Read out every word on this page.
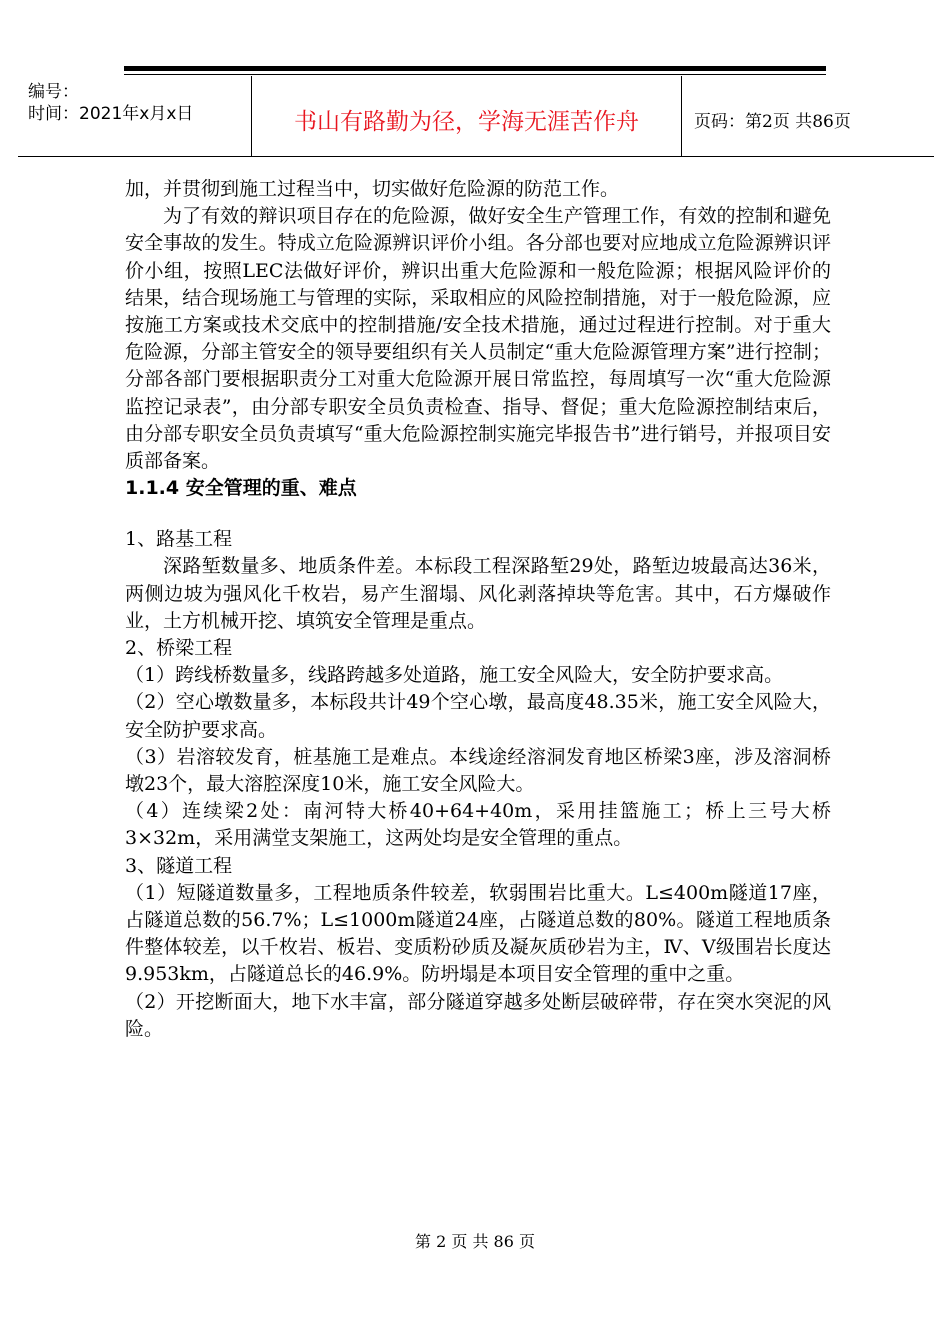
编号：
时间：2021年x月x日	书山有路勤为径，学海无涯苦作舟	页码：第2页 共86页

加，并贯彻到施工过程当中，切实做好危险源的防范工作。

为了有效的辩识项目存在的危险源，做好安全生产管理工作，有效的控制和避免安全事故的发生。特成立危险源辨识评价小组。各分部也要对应地成立危险源辨识评价小组，按照LEC法做好评价，辨识出重大危险源和一般危险源；根据风险评价的结果，结合现场施工与管理的实际，采取相应的风险控制措施，对于一般危险源，应按施工方案或技术交底中的控制措施/安全技术措施，通过过程进行控制。对于重大危险源，分部主管安全的领导要组织有关人员制定“重大危险源管理方案”进行控制；分部各部门要根据职责分工对重大危险源开展日常监控，每周填写一次“重大危险源监控记录表”，由分部专职安全员负责检查、指导、督促；重大危险源控制结束后，由分部专职安全员负责填写“重大危险源控制实施完毕报告书”进行销号，并报项目安质部备案。

1.1.4 安全管理的重、难点

1、路基工程

深路堑数量多、地质条件差。本标段工程深路堑29处，路堑边坡最高达36米，两侧边坡为强风化千枚岩，易产生溜塌、风化剥落掉块等危害。其中，石方爆破作业，土方机械开挖、填筑安全管理是重点。

2、桥梁工程

（1）跨线桥数量多，线路跨越多处道路，施工安全风险大，安全防护要求高。

（2）空心墩数量多，本标段共计49个空心墩，最高度48.35米，施工安全风险大，安全防护要求高。

（3）岩溶较发育，桩基施工是难点。本线途经溶洞发育地区桥梁3座，涉及溶洞桥墩23个，最大溶腔深度10米，施工安全风险大。

（4）连续梁2处：南河特大桥40+64+40m，采用挂篮施工；桥上三号大桥3×32m，采用满堂支架施工，这两处均是安全管理的重点。

3、隧道工程

（1）短隧道数量多，工程地质条件较差，软弱围岩比重大。L≤400m隧道17座，占隧道总数的56.7%；L≤1000m隧道24座，占隧道总数的80%。隧道工程地质条件整体较差，以千枚岩、板岩、变质粉砂质及凝灰质砂岩为主，Ⅳ、Ⅴ级围岩长度达9.953km，占隧道总长的46.9%。防坍塌是本项目安全管理的重中之重。

（2）开挖断面大，地下水丰富，部分隧道穿越多处断层破碎带，存在突水突泥的风险。

第 2 页 共 86 页
